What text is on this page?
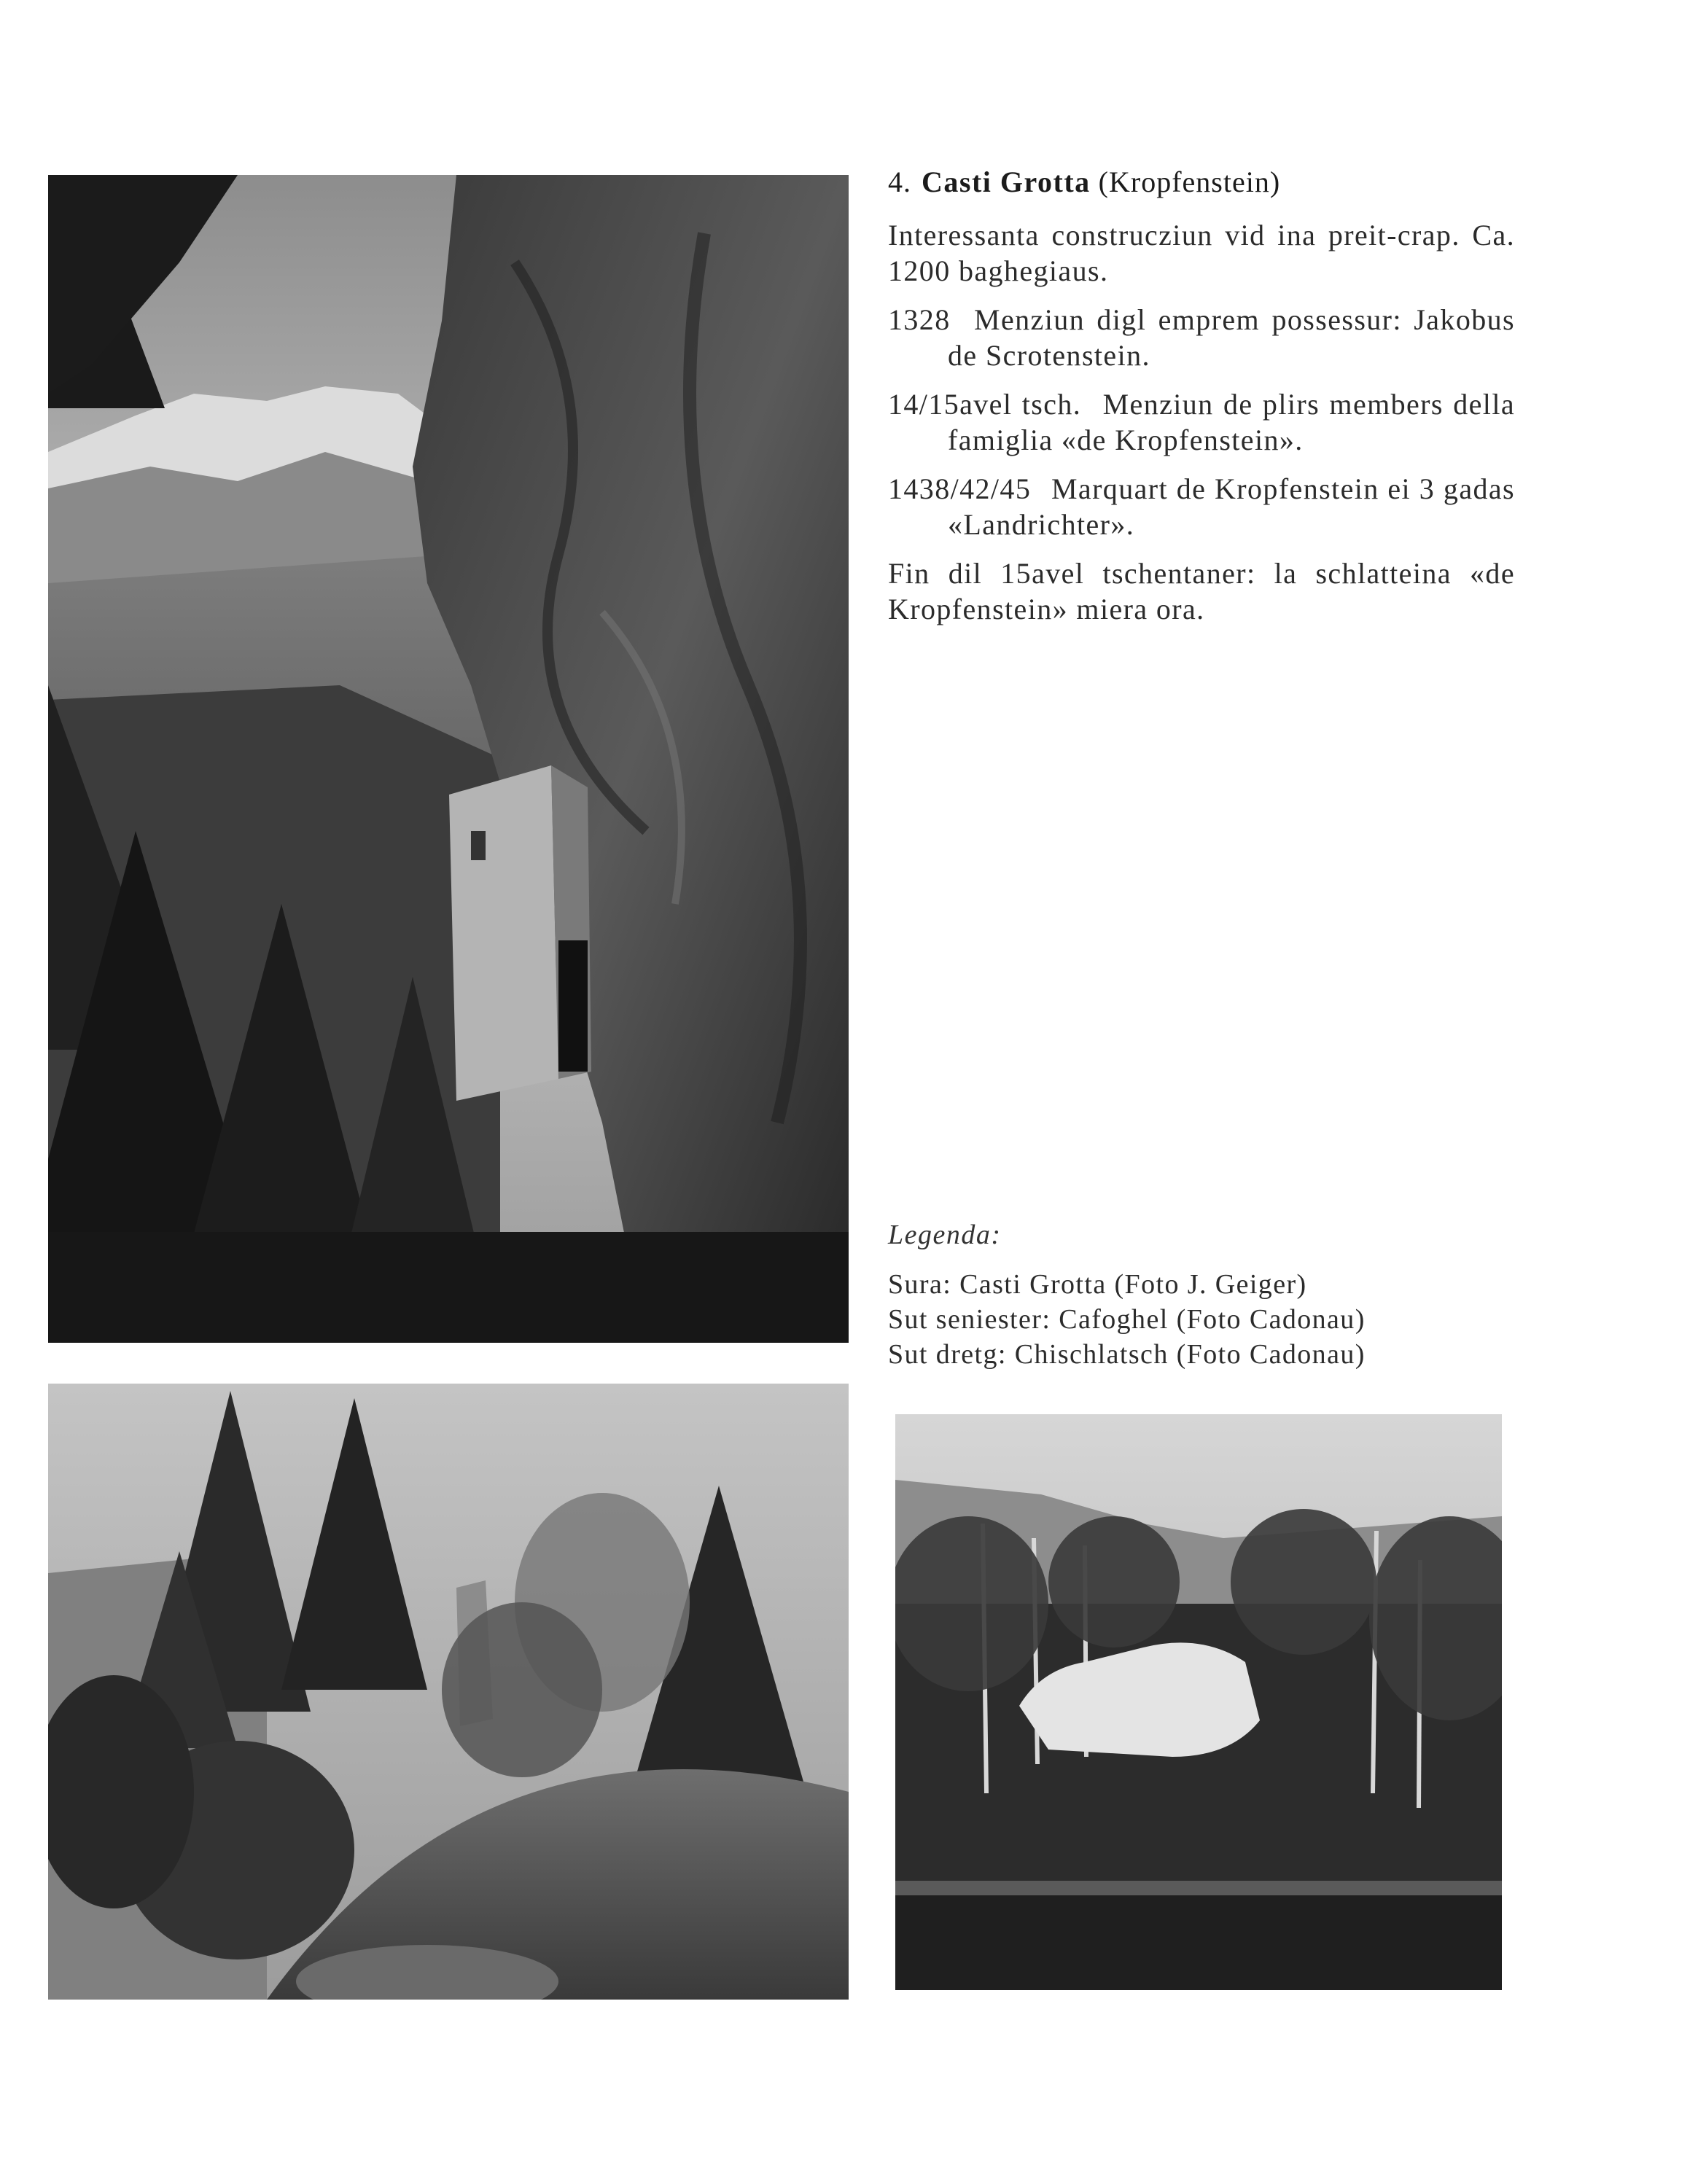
4. Casti Grotta (Kropfenstein)

Interessanta construcziun vid ina preit-crap. Ca. 1200 baghegiaus.

1328 Menziun digl emprem possessur: Jakobus de Scrotenstein.
14/15avel tsch. Menziun de plirs members della famiglia «de Kropfenstein».
1438/42/45 Marquart de Kropfenstein ei 3 gadas «Landrichter».

Fin dil 15avel tschentaner: la schlatteina «de Kropfenstein» miera ora.

Legenda:

Sura: Casti Grotta (Foto J. Geiger)

Sut seniester: Cafoghel (Foto Cadonau)

Sut dretg: Chischlatsch (Foto Cadonau)
